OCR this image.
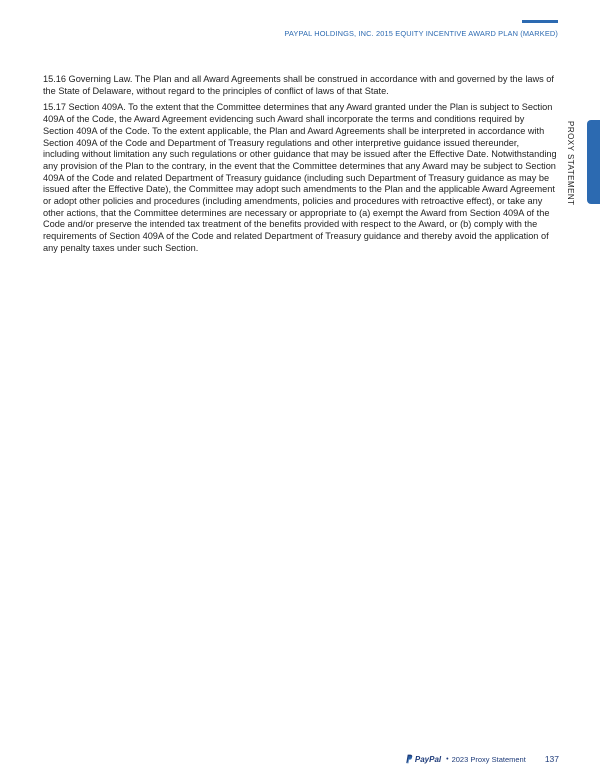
PAYPAL HOLDINGS, INC. 2015 EQUITY INCENTIVE AWARD PLAN (MARKED)
PROXY STATEMENT

15.16 Governing Law. The Plan and all Award Agreements shall be construed in accordance with and governed by the laws of the State of Delaware, without regard to the principles of conflict of laws of that State.

15.17 Section 409A. To the extent that the Committee determines that any Award granted under the Plan is subject to Section 409A of the Code, the Award Agreement evidencing such Award shall incorporate the terms and conditions required by Section 409A of the Code. To the extent applicable, the Plan and Award Agreements shall be interpreted in accordance with Section 409A of the Code and Department of Treasury regulations and other interpretive guidance issued thereunder, including without limitation any such regulations or other guidance that may be issued after the Effective Date. Notwithstanding any provision of the Plan to the contrary, in the event that the Committee determines that any Award may be subject to Section 409A of the Code and related Department of Treasury guidance (including such Department of Treasury guidance as may be issued after the Effective Date), the Committee may adopt such amendments to the Plan and the applicable Award Agreement or adopt other policies and procedures (including amendments, policies and procedures with retroactive effect), or take any other actions, that the Committee determines are necessary or appropriate to (a) exempt the Award from Section 409A of the Code and/or preserve the intended tax treatment of the benefits provided with respect to the Award, or (b) comply with the requirements of Section 409A of the Code and related Department of Treasury guidance and thereby avoid the application of any penalty taxes under such Section.

PayPal • 2023 Proxy Statement 137
